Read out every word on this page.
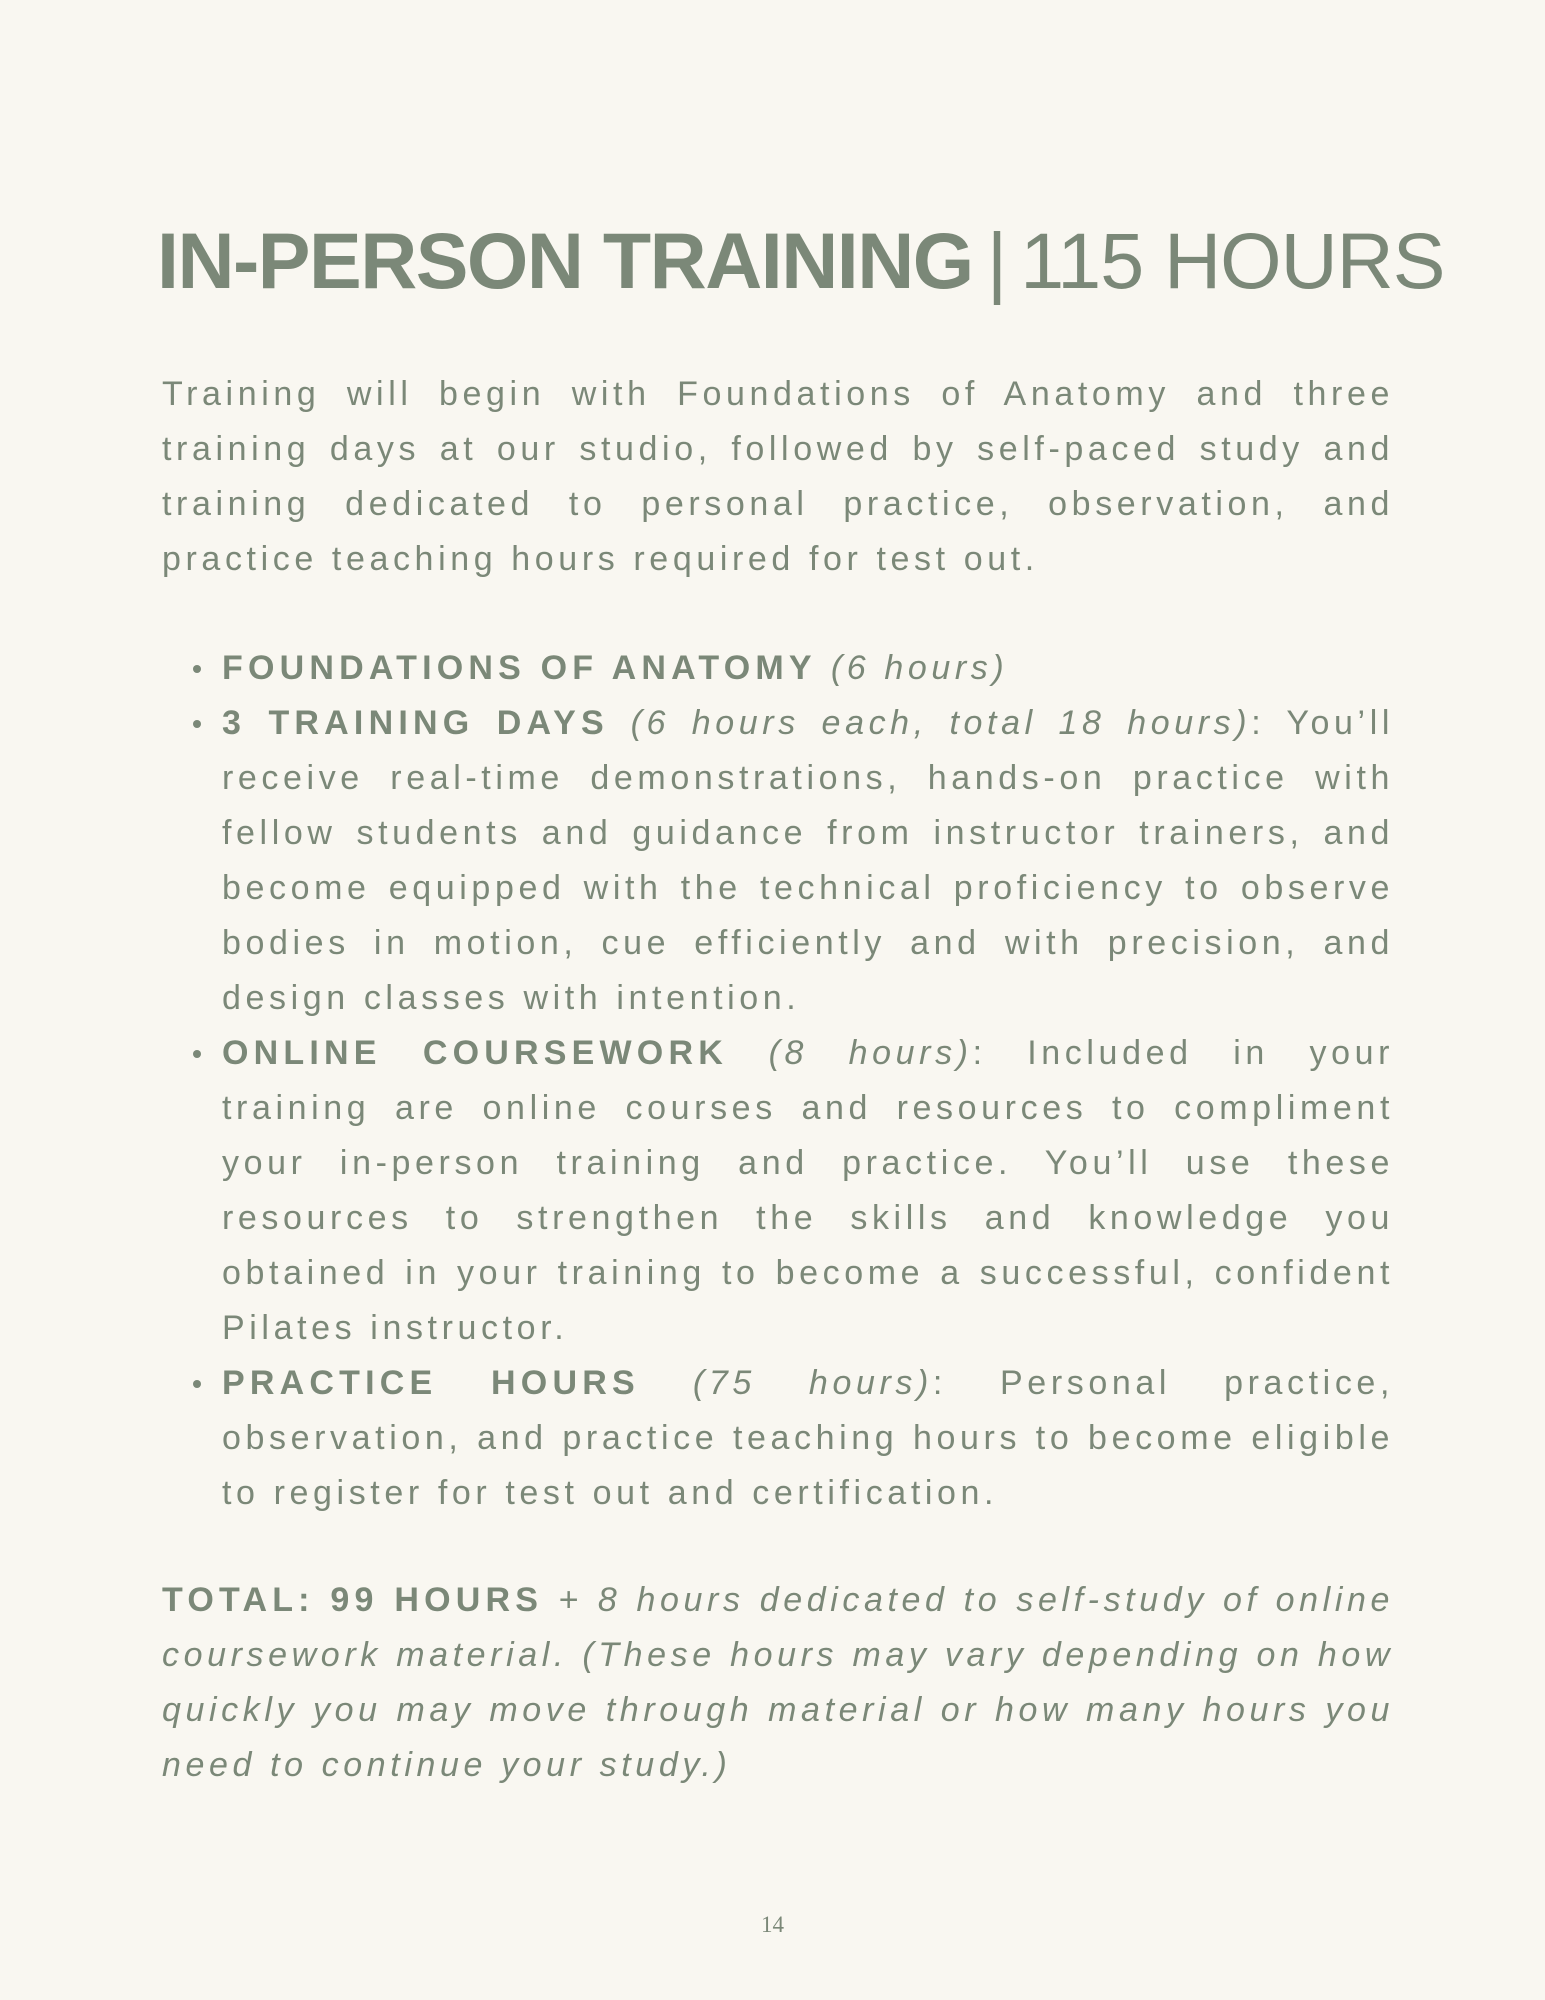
IN-PERSON TRAINING | 115 HOURS

Training will begin with Foundations of Anatomy and three training days at our studio, followed by self-paced study and training dedicated to personal practice, observation, and practice teaching hours required for test out.

FOUNDATIONS OF ANATOMY (6 hours)
3 TRAINING DAYS (6 hours each, total 18 hours): You’ll receive real-time demonstrations, hands-on practice with fellow students and guidance from instructor trainers, and become equipped with the technical proficiency to observe bodies in motion, cue efficiently and with precision, and design classes with intention.
ONLINE COURSEWORK (8 hours): Included in your training are online courses and resources to compliment your in-person training and practice. You’ll use these resources to strengthen the skills and knowledge you obtained in your training to become a successful, confident Pilates instructor.
PRACTICE HOURS (75 hours): Personal practice, observation, and practice teaching hours to become eligible to register for test out and certification.

TOTAL: 99 HOURS + 8 hours dedicated to self-study of online coursework material. (These hours may vary depending on how quickly you may move through material or how many hours you need to continue your study.)

14
